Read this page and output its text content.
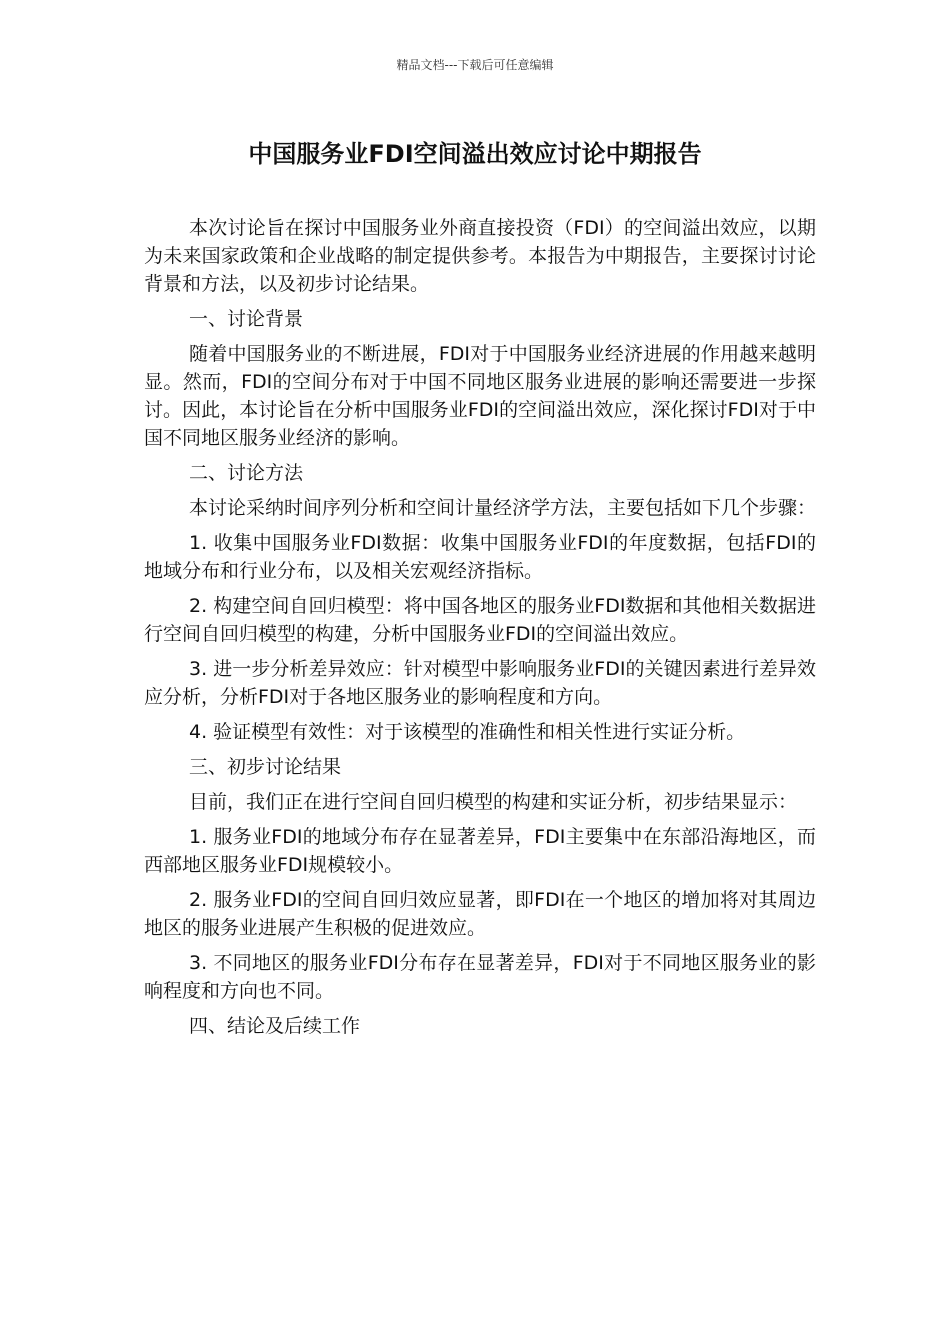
精品文档---下载后可任意编辑
中国服务业FDI空间溢出效应讨论中期报告

本次讨论旨在探讨中国服务业外商直接投资（FDI）的空间溢出效应，以期为未来国家政策和企业战略的制定提供参考。本报告为中期报告，主要探讨讨论背景和方法，以及初步讨论结果。

一、讨论背景

随着中国服务业的不断进展，FDI对于中国服务业经济进展的作用越来越明显。然而，FDI的空间分布对于中国不同地区服务业进展的影响还需要进一步探讨。因此，本讨论旨在分析中国服务业FDI的空间溢出效应，深化探讨FDI对于中国不同地区服务业经济的影响。

二、讨论方法

本讨论采纳时间序列分析和空间计量经济学方法，主要包括如下几个步骤：

1. 收集中国服务业FDI数据：收集中国服务业FDI的年度数据，包括FDI的地域分布和行业分布，以及相关宏观经济指标。

2. 构建空间自回归模型：将中国各地区的服务业FDI数据和其他相关数据进行空间自回归模型的构建，分析中国服务业FDI的空间溢出效应。

3. 进一步分析差异效应：针对模型中影响服务业FDI的关键因素进行差异效应分析，分析FDI对于各地区服务业的影响程度和方向。

4. 验证模型有效性：对于该模型的准确性和相关性进行实证分析。

三、初步讨论结果

目前，我们正在进行空间自回归模型的构建和实证分析，初步结果显示：

1. 服务业FDI的地域分布存在显著差异，FDI主要集中在东部沿海地区，而西部地区服务业FDI规模较小。

2. 服务业FDI的空间自回归效应显著，即FDI在一个地区的增加将对其周边地区的服务业进展产生积极的促进效应。

3. 不同地区的服务业FDI分布存在显著差异，FDI对于不同地区服务业的影响程度和方向也不同。

四、结论及后续工作
